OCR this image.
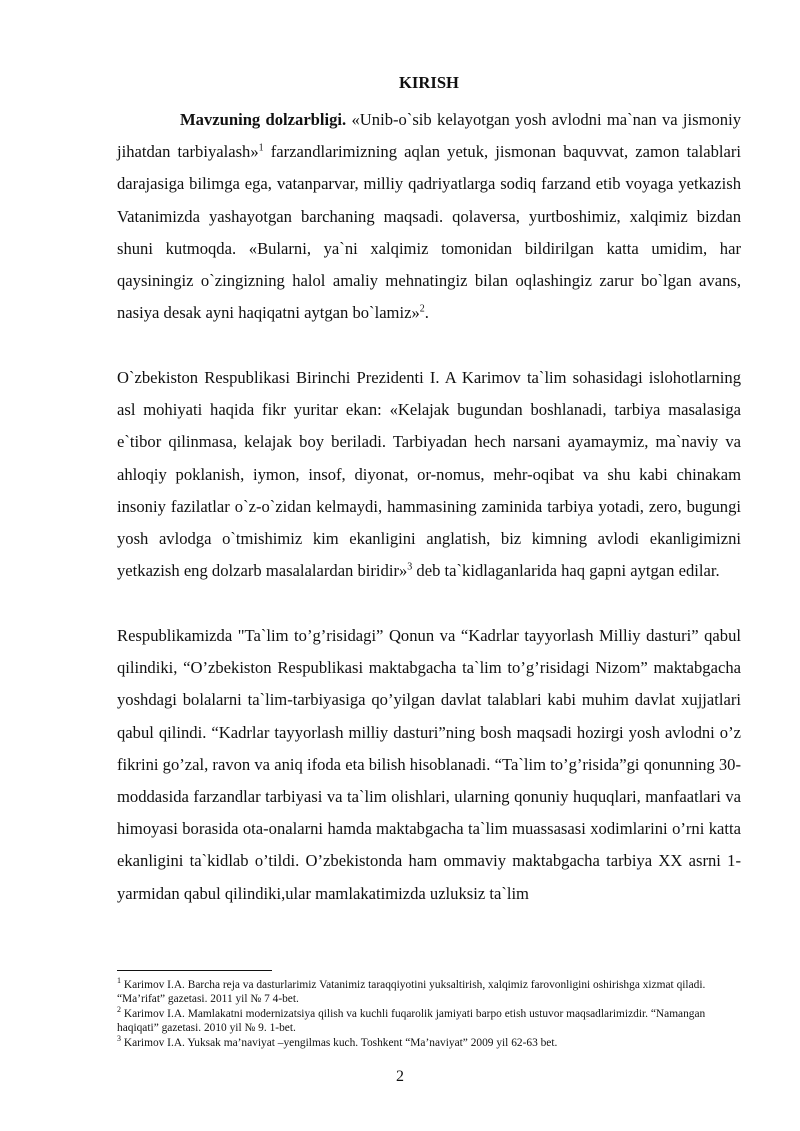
KIRISH

Mavzuning dolzarbligi. «Unib-o`sib kelayotgan yosh avlodni ma`nan va jismoniy jihatdan tarbiyalash»$^1$ farzandlarimizning aqlan yetuk, jismonan baquvvat, zamon talablari darajasiga bilimga ega, vatanparvar, milliy qadriyatlarga sodiq farzand etib voyaga yetkazish Vatanimizda yashayotgan barchaning maqsadi. qolaversa, yurtboshimiz, xalqimiz bizdan shuni kutmoqda. «Bularni, ya`ni xalqimiz tomonidan bildirilgan katta umidim, har qaysiningiz o`zingizning halol amaliy mehnatingiz bilan oqlashingiz zarur bo`lgan avans, nasiya desak ayni haqiqatni aytgan bo`lamiz»$^2$.

O`zbekiston Respublikasi Birinchi Prezidenti I. A Karimov ta`lim sohasidagi islohotlarning asl mohiyati haqida fikr yuritar ekan: «Kelajak bugundan boshlanadi, tarbiya masalasiga e`tibor qilinmasa, kelajak boy beriladi. Tarbiyadan hech narsani ayamaymiz, ma`naviy va ahloqiy poklanish, iymon, insof, diyonat, or-nomus, mehr-oqibat va shu kabi chinakam insoniy fazilatlar o`z-o`zidan kelmaydi, hammasining zaminida tarbiya yotadi, zero, bugungi yosh avlodga o`tmishimiz kim ekanligini anglatish, biz kimning avlodi ekanligimizni yetkazish eng dolzarb masalalardan biridir»$^3$ deb ta`kidlaganlarida haq gapni aytgan edilar.

Respublikamizda "Ta`lim to’g’risidagi” Qonun va “Kadrlar tayyorlash Milliy dasturi” qabul qilindiki, “O’zbekiston Respublikasi maktabgacha ta`lim to’g’risidagi Nizom” maktabgacha yoshdagi bolalarni ta`lim-tarbiyasiga qo’yilgan davlat talablari kabi muhim davlat xujjatlari qabul qilindi. “Kadrlar tayyorlash milliy dasturi”ning bosh maqsadi hozirgi yosh avlodni o’z fikrini go’zal, ravon va aniq ifoda eta bilish hisoblanadi. “Ta`lim to’g’risida”gi qonunning 30-moddasida farzandlar tarbiyasi va ta`lim olishlari, ularning qonuniy huquqlari, manfaatlari va himoyasi borasida ota-onalarni hamda maktabgacha ta`lim muassasasi xodimlarini o’rni katta ekanligini ta`kidlab o’tildi. O’zbekistonda ham ommaviy maktabgacha tarbiya XX asrni 1-yarmidan qabul qilindiki,ular mamlakatimizda uzluksiz ta`lim

$^1$ Karimov I.A. Barcha reja va dasturlarimiz Vatanimiz taraqqiyotini yuksaltirish, xalqimiz farovonligini oshirishga xizmat qiladi. “Ma’rifat” gazetasi. 2011 yil № 7 4-bet.

$^2$ Karimov I.A. Mamlakatni modernizatsiya qilish va kuchli fuqarolik jamiyati barpo etish ustuvor maqsadlarimizdir. “Namangan haqiqati” gazetasi. 2010 yil № 9. 1-bet.

$^3$ Karimov I.A. Yuksak ma’naviyat –yengilmas kuch. Toshkent “Ma’naviyat” 2009 yil 62-63 bet.

2
